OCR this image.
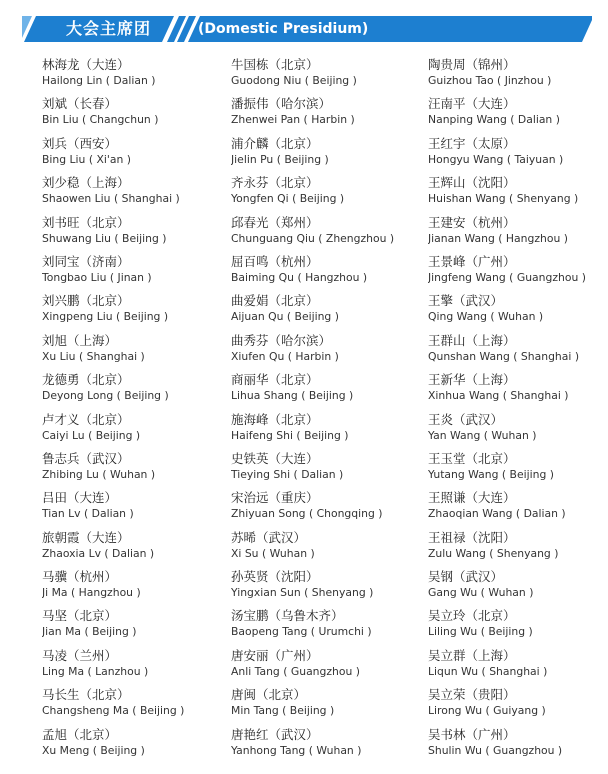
大会主席团	(Domestic Presidium)
林海龙（大连）
Hailong Lin ( Dalian )
牛国栋（北京）
Guodong Niu ( Beijing )
陶贵周（锦州）
Guizhou Tao ( Jinzhou )
刘斌（长春）
Bin Liu ( Changchun )
潘振伟（哈尔滨）
Zhenwei Pan ( Harbin )
汪南平（大连）
Nanping Wang ( Dalian )
刘兵（西安）
Bing Liu ( Xi'an )
浦介麟（北京）
Jielin Pu ( Beijing )
王红宇（太原）
Hongyu Wang ( Taiyuan )
刘少稳（上海）
Shaowen Liu ( Shanghai )
齐永芬（北京）
Yongfen Qi ( Beijing )
王辉山（沈阳）
Huishan Wang ( Shenyang )
刘书旺（北京）
Shuwang Liu ( Beijing )
邱春光（郑州）
Chunguang Qiu ( Zhengzhou )
王建安（杭州）
Jianan Wang ( Hangzhou )
刘同宝（济南）
Tongbao Liu ( Jinan )
屈百鸣（杭州）
Baiming Qu ( Hangzhou )
王景峰（广州）
Jingfeng Wang ( Guangzhou )
刘兴鹏（北京）
Xingpeng Liu ( Beijing )
曲爱娟（北京）
Aijuan Qu ( Beijing )
王擎（武汉）
Qing Wang ( Wuhan )
刘旭（上海）
Xu Liu ( Shanghai )
曲秀芬（哈尔滨）
Xiufen Qu ( Harbin )
王群山（上海）
Qunshan Wang ( Shanghai )
龙德勇（北京）
Deyong Long ( Beijing )
商丽华（北京）
Lihua Shang ( Beijing )
王新华（上海）
Xinhua Wang ( Shanghai )
卢才义（北京）
Caiyi Lu ( Beijing )
施海峰（北京）
Haifeng Shi ( Beijing )
王炎（武汉）
Yan Wang ( Wuhan )
鲁志兵（武汉）
Zhibing Lu ( Wuhan )
史铁英（大连）
Tieying Shi ( Dalian )
王玉堂（北京）
Yutang Wang ( Beijing )
吕田（大连）
Tian Lv ( Dalian )
宋治远（重庆）
Zhiyuan Song ( Chongqing )
王照谦（大连）
Zhaoqian Wang ( Dalian )
旅朝霞（大连）
Zhaoxia Lv ( Dalian )
苏晞（武汉）
Xi Su ( Wuhan )
王祖禄（沈阳）
Zulu Wang ( Shenyang )
马骥（杭州）
Ji Ma ( Hangzhou )
孙英贤（沈阳）
Yingxian Sun ( Shenyang )
吴钢（武汉）
Gang Wu ( Wuhan )
马坚（北京）
Jian Ma ( Beijing )
汤宝鹏（乌鲁木齐）
Baopeng Tang ( Urumchi )
吴立玲（北京）
Liling Wu ( Beijing )
马凌（兰州）
Ling Ma ( Lanzhou )
唐安丽（广州）
Anli Tang ( Guangzhou )
吴立群（上海）
Liqun Wu ( Shanghai )
马长生（北京）
Changsheng Ma ( Beijing )
唐闽（北京）
Min Tang ( Beijing )
吴立荣（贵阳）
Lirong Wu ( Guiyang )
孟旭（北京）
Xu Meng ( Beijing )
唐艳红（武汉）
Yanhong Tang ( Wuhan )
吴书林（广州）
Shulin Wu ( Guangzhou )
